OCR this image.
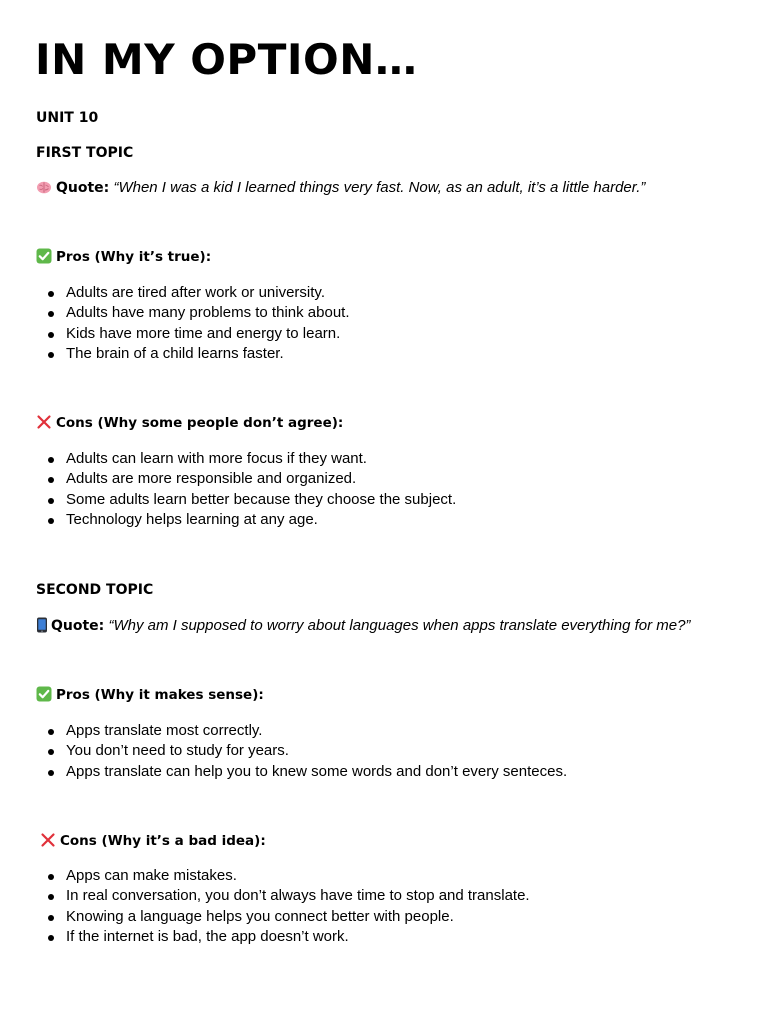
IN MY OPTION…
UNIT 10
FIRST TOPIC

Quote: “When I was a kid I learned things very fast. Now, as an adult, it’s a little harder.”

Pros (Why it’s true):

Adults are tired after work or university.
Adults have many problems to think about.
Kids have more time and energy to learn.
The brain of a child learns faster.

Cons (Why some people don’t agree):

Adults can learn with more focus if they want.
Adults are more responsible and organized.
Some adults learn better because they choose the subject.
Technology helps learning at any age.
SECOND TOPIC

Quote: “Why am I supposed to worry about languages when apps translate everything for me?”

Pros (Why it makes sense):

Apps translate most correctly.
You don’t need to study for years.
Apps translate can help you to knew some words and don’t every senteces.

Cons (Why it’s a bad idea):

Apps can make mistakes.
In real conversation, you don’t always have time to stop and translate.
Knowing a language helps you connect better with people.
If the internet is bad, the app doesn’t work.
